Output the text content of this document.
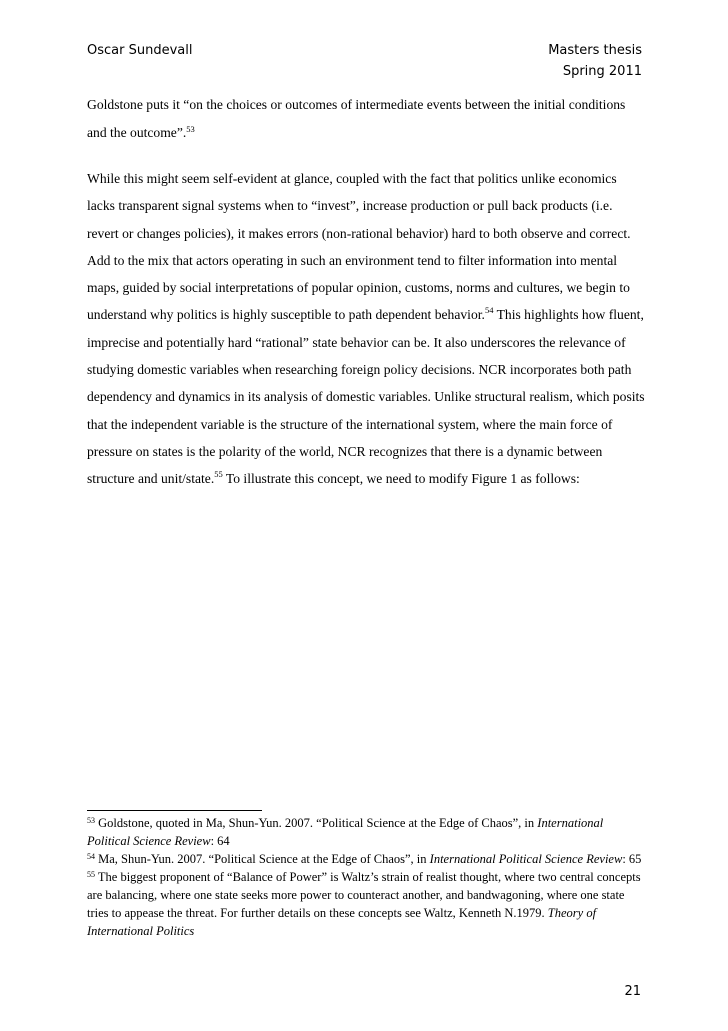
Oscar Sundevall	Masters thesis
Spring 2011

Goldstone puts it “on the choices or outcomes of intermediate events between the initial conditions and the outcome”.$^{53}$

While this might seem self-evident at glance, coupled with the fact that politics unlike economics lacks transparent signal systems when to “invest”, increase production or pull back products (i.e. revert or changes policies), it makes errors (non-rational behavior) hard to both observe and correct. Add to the mix that actors operating in such an environment tend to filter information into mental maps, guided by social interpretations of popular opinion, customs, norms and cultures, we begin to understand why politics is highly susceptible to path dependent behavior.$^{54}$ This highlights how fluent, imprecise and potentially hard “rational” state behavior can be. It also underscores the relevance of studying domestic variables when researching foreign policy decisions. NCR incorporates both path dependency and dynamics in its analysis of domestic variables. Unlike structural realism, which posits that the independent variable is the structure of the international system, where the main force of pressure on states is the polarity of the world, NCR recognizes that there is a dynamic between structure and unit/state.$^{55}$ To illustrate this concept, we need to modify Figure 1 as follows:

$^{53}$ Goldstone, quoted in Ma, Shun-Yun. 2007. “Political Science at the Edge of Chaos”, in International Political Science Review: 64

$^{54}$ Ma, Shun-Yun. 2007. “Political Science at the Edge of Chaos”, in International Political Science Review: 65

$^{55}$ The biggest proponent of “Balance of Power” is Waltz’s strain of realist thought, where two central concepts are balancing, where one state seeks more power to counteract another, and bandwagoning, where one state tries to appease the threat. For further details on these concepts see Waltz, Kenneth N.1979. Theory of International Politics

21
